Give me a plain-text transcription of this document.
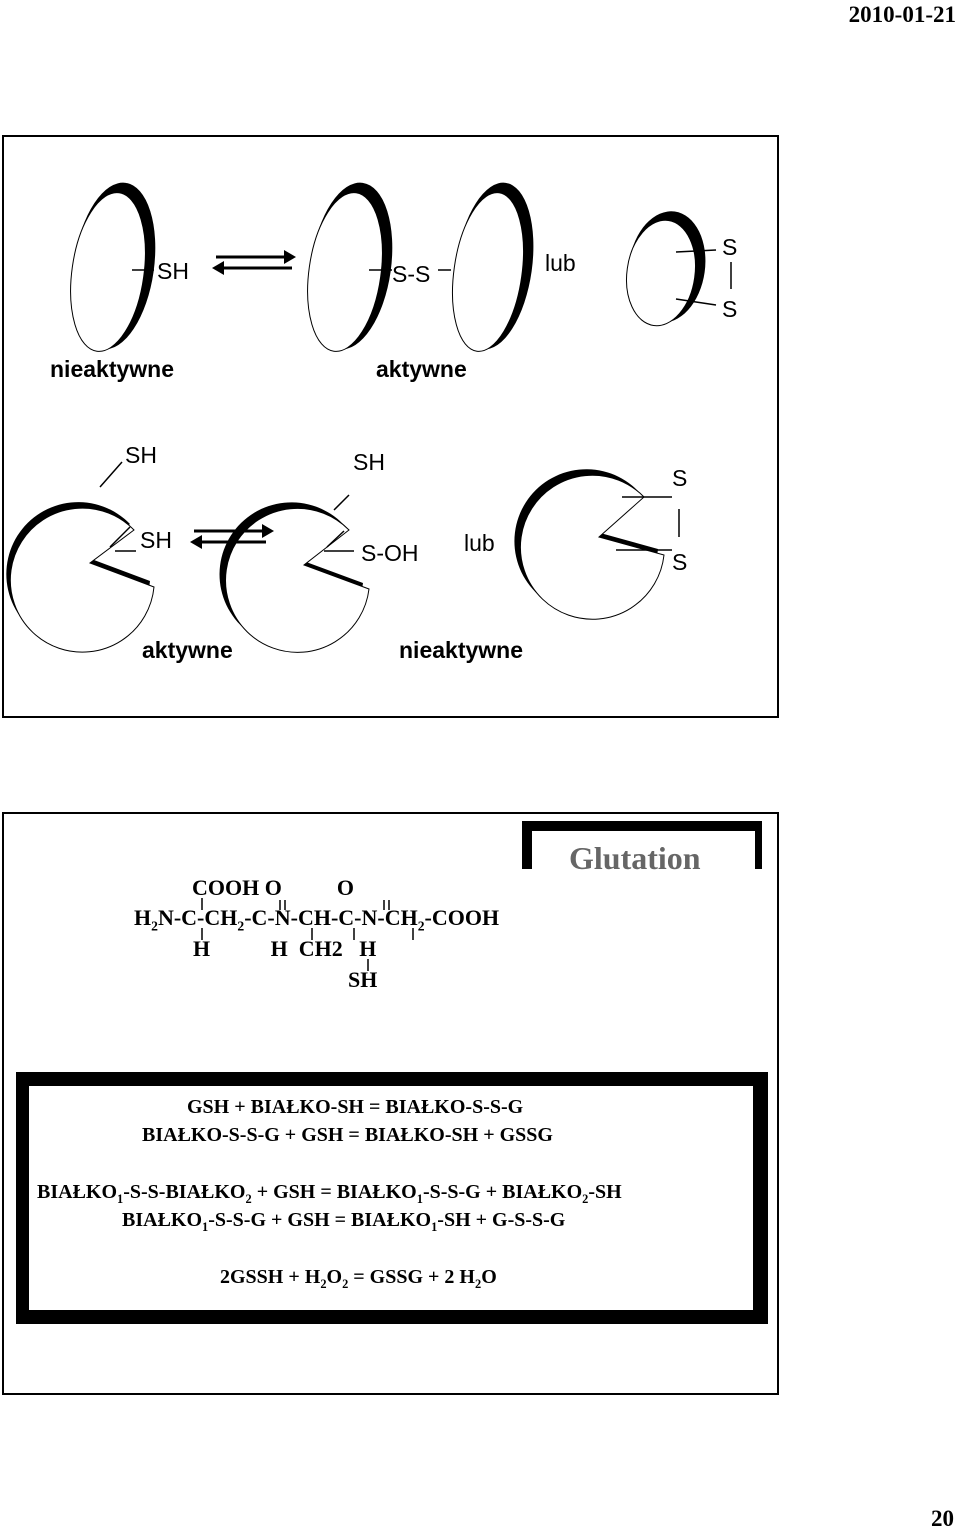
2010-01-21
SH	S-S	lub
S
S
nieaktywne	aktywne
SH	SH
SH	S-OH lub
S
S
aktywne	nieaktywne
Glutation
COOH O          O
$H_2N-C-CH_2-C-N-CH-C-N-CH_2$-COOH
H           H  CH2   H
SH
GSH + BIAŁKO-SH = BIAŁKO-S-S-G
BIAŁKO-S-S-G + GSH = BIAŁKO-SH + GSSG
$BIAŁKO_1-S-S-BIAŁKO_2$ + GSH = $BIAŁKO_1-S-S-G$ + $BIAŁKO_2-SH$
$BIAŁKO_1-S-S-G$ + GSH = $BIAŁKO_1-SH + G-S-S-G$
2GSSH + $H_2O_2$ = GSSG + 2 $H_2O$
20
